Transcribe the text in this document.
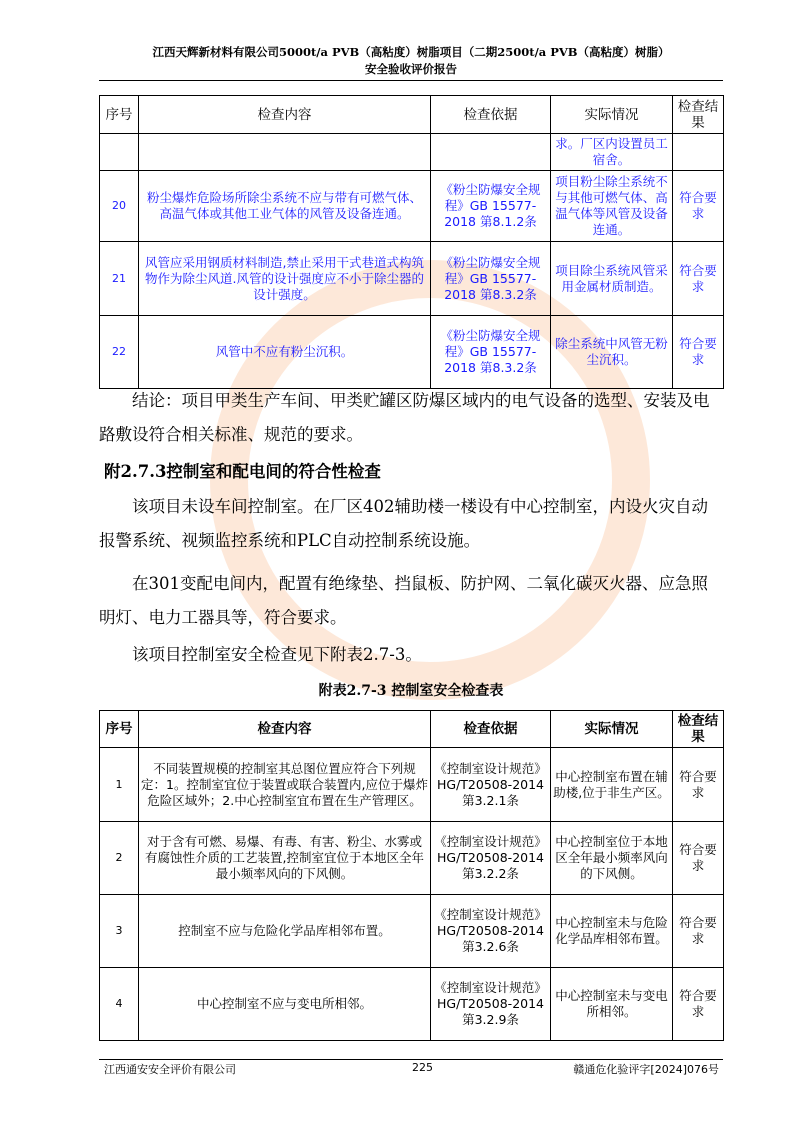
江西天辉新材料有限公司5000t/a PVB（高粘度）树脂项目（二期2500t/a PVB（高粘度）树脂）
安全验收评价报告
序号	检查内容	检查依据	实际情况	检查结果
			求。厂区内设置员工宿舍。	
20	粉尘爆炸危险场所除尘系统不应与带有可燃气体、高温气体或其他工业气体的风管及设备连通。	《粉尘防爆安全规程》GB 15577-2018 第8.1.2条	项目粉尘除尘系统不与其他可燃气体、高温气体等风管及设备连通。	符合要求
21	风管应采用钢质材料制造,禁止采用干式巷道式构筑物作为除尘风道.风管的设计强度应不小于除尘器的设计强度。	《粉尘防爆安全规程》GB 15577-2018 第8.3.2条	项目除尘系统风管采用金属材质制造。	符合要求
22	风管中不应有粉尘沉积。	《粉尘防爆安全规程》GB 15577-2018 第8.3.2条	除尘系统中风管无粉尘沉积。	符合要求
结论：项目甲类生产车间、甲类贮罐区防爆区域内的电气设备的选型、安装及电路敷设符合相关标准、规范的要求。
附2.7.3控制室和配电间的符合性检查
该项目未设车间控制室。在厂区402辅助楼一楼设有中心控制室，内设火灾自动报警系统、视频监控系统和PLC自动控制系统设施。
在301变配电间内，配置有绝缘垫、挡鼠板、防护网、二氧化碳灭火器、应急照明灯、电力工器具等，符合要求。
该项目控制室安全检查见下附表2.7-3。
附表2.7-3 控制室安全检查表
序号	检查内容	检查依据	实际情况	检查结果
1	不同装置规模的控制室其总图位置应符合下列规定：1。控制室宜位于装置或联合装置内,应位于爆炸危险区域外；2.中心控制室宜布置在生产管理区。	《控制室设计规范》HG/T20508-2014 第3.2.1条	中心控制室布置在辅助楼,位于非生产区。	符合要求
2	对于含有可燃、易爆、有毒、有害、粉尘、水雾或有腐蚀性介质的工艺装置,控制室宜位于本地区全年最小频率风向的下风侧。	《控制室设计规范》HG/T20508-2014 第3.2.2条	中心控制室位于本地区全年最小频率风向的下风侧。	符合要求
3	控制室不应与危险化学品库相邻布置。	《控制室设计规范》HG/T20508-2014 第3.2.6条	中心控制室未与危险化学品库相邻布置。	符合要求
4	中心控制室不应与变电所相邻。	《控制室设计规范》HG/T20508-2014 第3.2.9条	中心控制室未与变电所相邻。	符合要求
江西通安安全评价有限公司	225	赣通危化验评字[2024]076号
